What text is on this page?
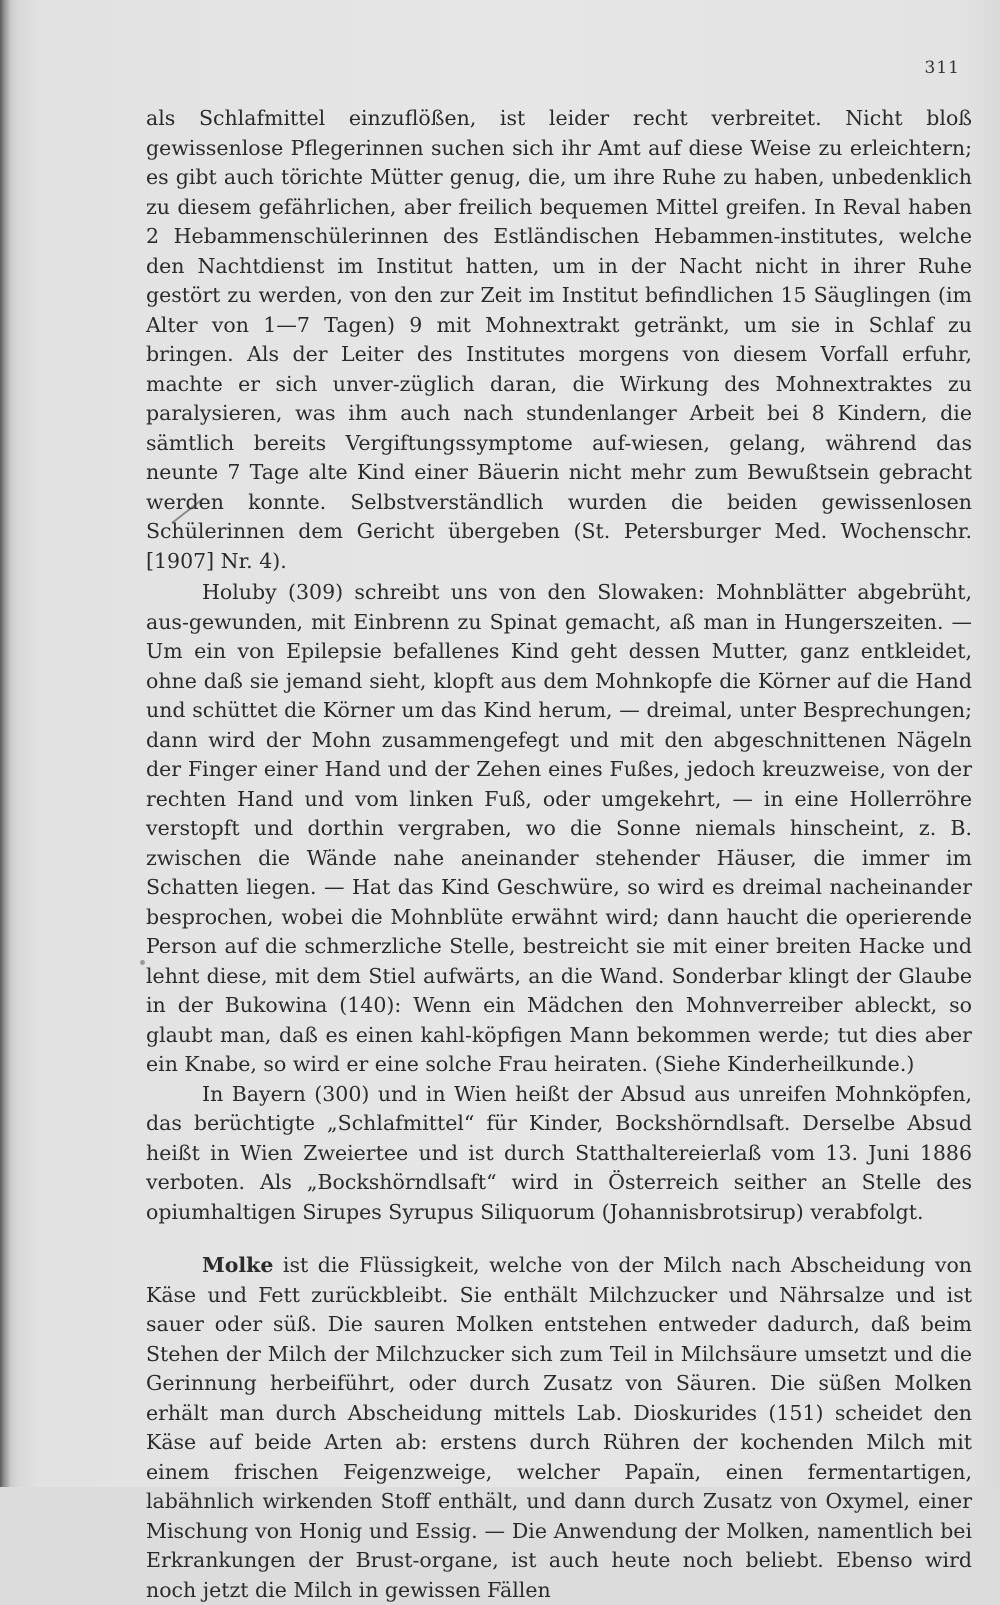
311

als Schlafmittel einzuflößen, ist leider recht verbreitet. Nicht bloß gewissenlose Pflegerinnen suchen sich ihr Amt auf diese Weise zu erleichtern; es gibt auch törichte Mütter genug, die, um ihre Ruhe zu haben, unbedenklich zu diesem gefährlichen, aber freilich bequemen Mittel greifen. In Reval haben 2 Hebammenschülerinnen des Estländischen Hebammen-institutes, welche den Nachtdienst im Institut hatten, um in der Nacht nicht in ihrer Ruhe gestört zu werden, von den zur Zeit im Institut befindlichen 15 Säuglingen (im Alter von 1—7 Tagen) 9 mit Mohnextrakt getränkt, um sie in Schlaf zu bringen. Als der Leiter des Institutes morgens von diesem Vorfall erfuhr, machte er sich unver-züglich daran, die Wirkung des Mohnextraktes zu paralysieren, was ihm auch nach stundenlanger Arbeit bei 8 Kindern, die sämtlich bereits Vergiftungssymptome auf-wiesen, gelang, während das neunte 7 Tage alte Kind einer Bäuerin nicht mehr zum Bewußtsein gebracht werden konnte. Selbstverständlich wurden die beiden gewissenlosen Schülerinnen dem Gericht übergeben (St. Petersburger Med. Wochenschr. [1907] Nr. 4).

Holuby (309) schreibt uns von den Slowaken: Mohnblätter abgebrüht, aus-gewunden, mit Einbrenn zu Spinat gemacht, aß man in Hungerszeiten. — Um ein von Epilepsie befallenes Kind geht dessen Mutter, ganz entkleidet, ohne daß sie jemand sieht, klopft aus dem Mohnkopfe die Körner auf die Hand und schüttet die Körner um das Kind herum, — dreimal, unter Besprechungen; dann wird der Mohn zusammengefegt und mit den abgeschnittenen Nägeln der Finger einer Hand und der Zehen eines Fußes, jedoch kreuzweise, von der rechten Hand und vom linken Fuß, oder umgekehrt, — in eine Hollerröhre verstopft und dorthin vergraben, wo die Sonne niemals hinscheint, z. B. zwischen die Wände nahe aneinander stehender Häuser, die immer im Schatten liegen. — Hat das Kind Geschwüre, so wird es dreimal nacheinander besprochen, wobei die Mohnblüte erwähnt wird; dann haucht die operierende Person auf die schmerzliche Stelle, bestreicht sie mit einer breiten Hacke und lehnt diese, mit dem Stiel aufwärts, an die Wand. Sonderbar klingt der Glaube in der Bukowina (140): Wenn ein Mädchen den Mohnverreiber ableckt, so glaubt man, daß es einen kahl-köpfigen Mann bekommen werde; tut dies aber ein Knabe, so wird er eine solche Frau heiraten. (Siehe Kinderheilkunde.)

In Bayern (300) und in Wien heißt der Absud aus unreifen Mohnköpfen, das berüchtigte „Schlafmittel“ für Kinder, Bockshörndlsaft. Derselbe Absud heißt in Wien Zweiertee und ist durch Statthaltereierlaß vom 13. Juni 1886 verboten. Als „Bockshörndlsaft“ wird in Österreich seither an Stelle des opiumhaltigen Sirupes Syrupus Siliquorum (Johannisbrotsirup) verabfolgt.

Molke ist die Flüssigkeit, welche von der Milch nach Abscheidung von Käse und Fett zurückbleibt. Sie enthält Milchzucker und Nährsalze und ist sauer oder süß. Die sauren Molken entstehen entweder dadurch, daß beim Stehen der Milch der Milchzucker sich zum Teil in Milchsäure umsetzt und die Gerinnung herbeiführt, oder durch Zusatz von Säuren. Die süßen Molken erhält man durch Abscheidung mittels Lab. Dioskurides (151) scheidet den Käse auf beide Arten ab: erstens durch Rühren der kochenden Milch mit einem frischen Feigenzweige, welcher Papaïn, einen fermentartigen, labähnlich wirkenden Stoff enthält, und dann durch Zusatz von Oxymel, einer Mischung von Honig und Essig. — Die Anwendung der Molken, namentlich bei Erkrankungen der Brust-organe, ist auch heute noch beliebt. Ebenso wird noch jetzt die Milch in gewissen Fällen
